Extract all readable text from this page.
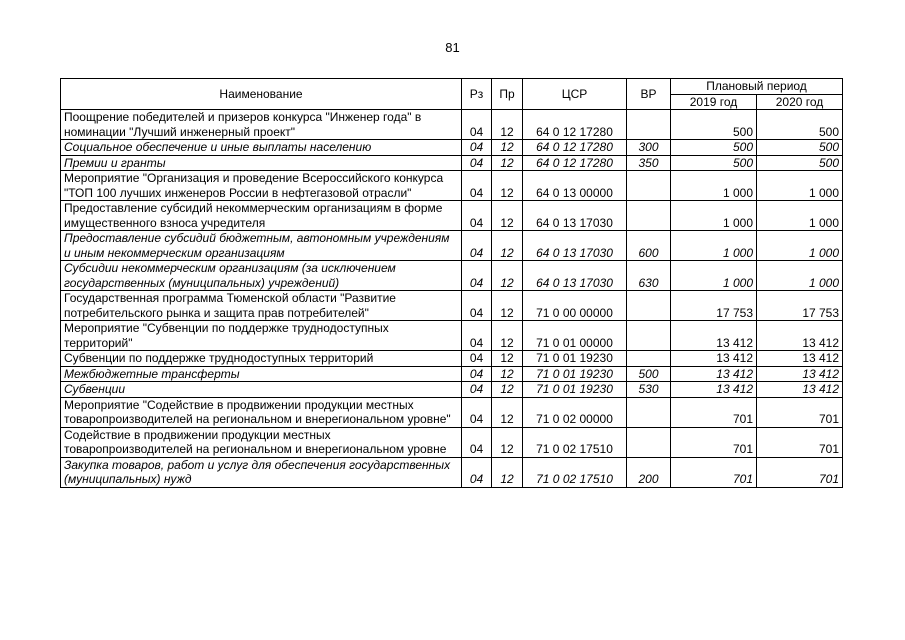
81
Наименование	Рз	Пр	ЦСР	ВР	Плановый период	
					2019 год	2020 год
Поощрение победителей и призеров конкурса "Инженер года" в номинации "Лучший инженерный проект"	04	12	64 0 12 17280		500	500
Социальное обеспечение и иные выплаты населению	04	12	64 0 12 17280	300	500	500
Премии и гранты	04	12	64 0 12 17280	350	500	500
Мероприятие "Организация и проведение Всероссийского конкурса "ТОП 100 лучших инженеров России в нефтегазовой отрасли"	04	12	64 0 13 00000		1 000	1 000
Предоставление субсидий некоммерческим организациям в форме имущественного взноса учредителя	04	12	64 0 13 17030		1 000	1 000
Предоставление субсидий бюджетным, автономным учреждениям и иным некоммерческим организациям	04	12	64 0 13 17030	600	1 000	1 000
Субсидии некоммерческим организациям (за исключением государственных (муниципальных) учреждений)	04	12	64 0 13 17030	630	1 000	1 000
Государственная программа Тюменской области "Развитие потребительского рынка и защита прав потребителей"	04	12	71 0 00 00000		17 753	17 753
Мероприятие "Субвенции по поддержке труднодоступных территорий"	04	12	71 0 01 00000		13 412	13 412
Субвенции по поддержке труднодоступных территорий	04	12	71 0 01 19230		13 412	13 412
Межбюджетные трансферты	04	12	71 0 01 19230	500	13 412	13 412
Субвенции	04	12	71 0 01 19230	530	13 412	13 412
Мероприятие "Содействие в продвижении продукции местных товаропроизводителей на региональном и внерегиональном уровне"	04	12	71 0 02 00000		701	701
Содействие в продвижении продукции местных товаропроизводителей на региональном и внерегиональном уровне	04	12	71 0 02 17510		701	701
Закупка товаров, работ и услуг для обеспечения государственных (муниципальных) нужд	04	12	71 0 02 17510	200	701	701
